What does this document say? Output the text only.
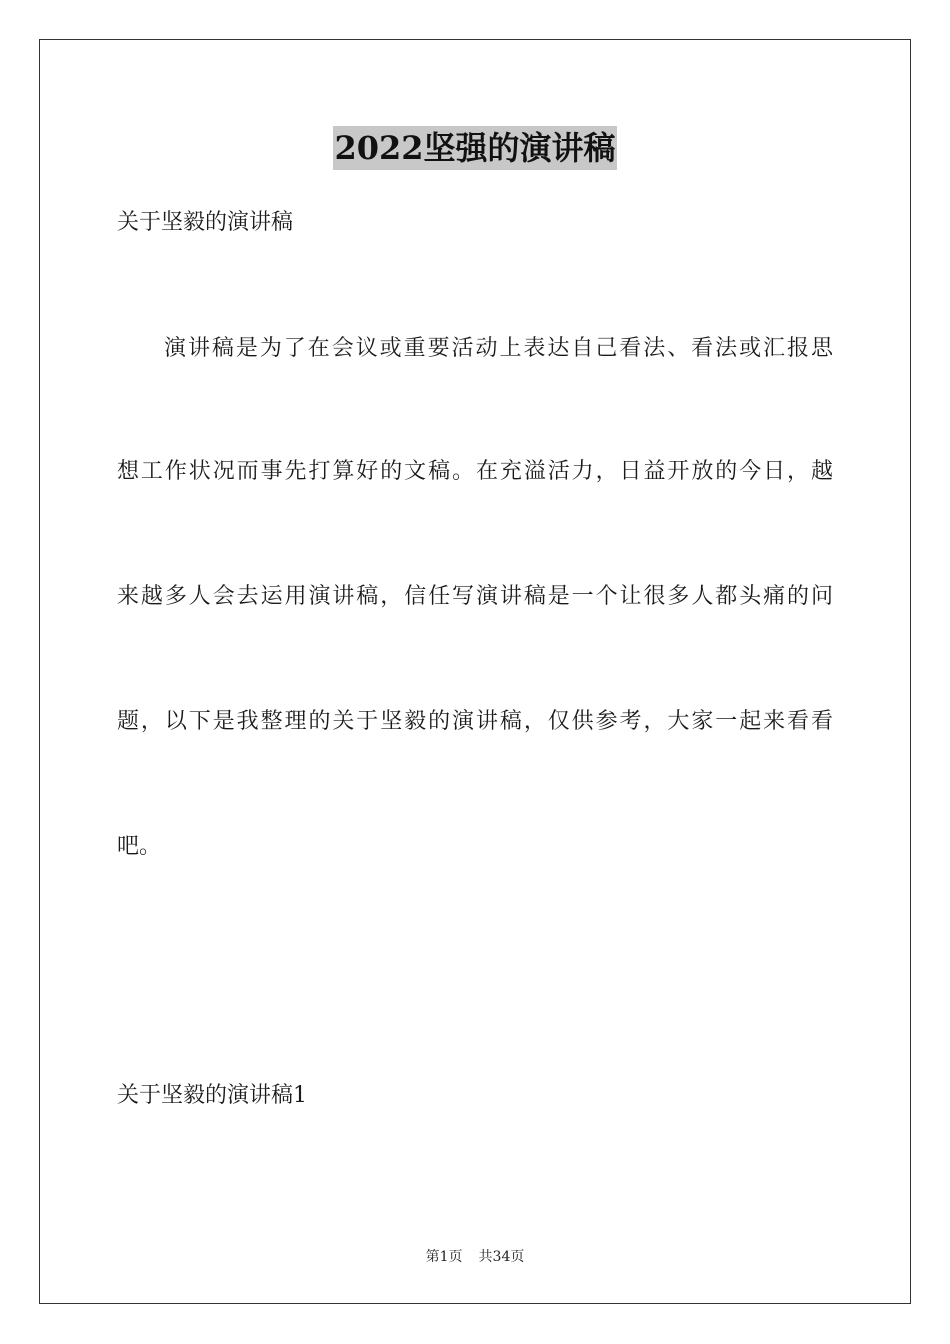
2022坚强的演讲稿
关于坚毅的演讲稿
演讲稿是为了在会议或重要活动上表达自己看法、看法或汇报思
想工作状况而事先打算好的文稿。在充溢活力，日益开放的今日，越
来越多人会去运用演讲稿，信任写演讲稿是一个让很多人都头痛的问
题，以下是我整理的关于坚毅的演讲稿，仅供参考，大家一起来看看
吧。
关于坚毅的演讲稿1
第1页 共34页
